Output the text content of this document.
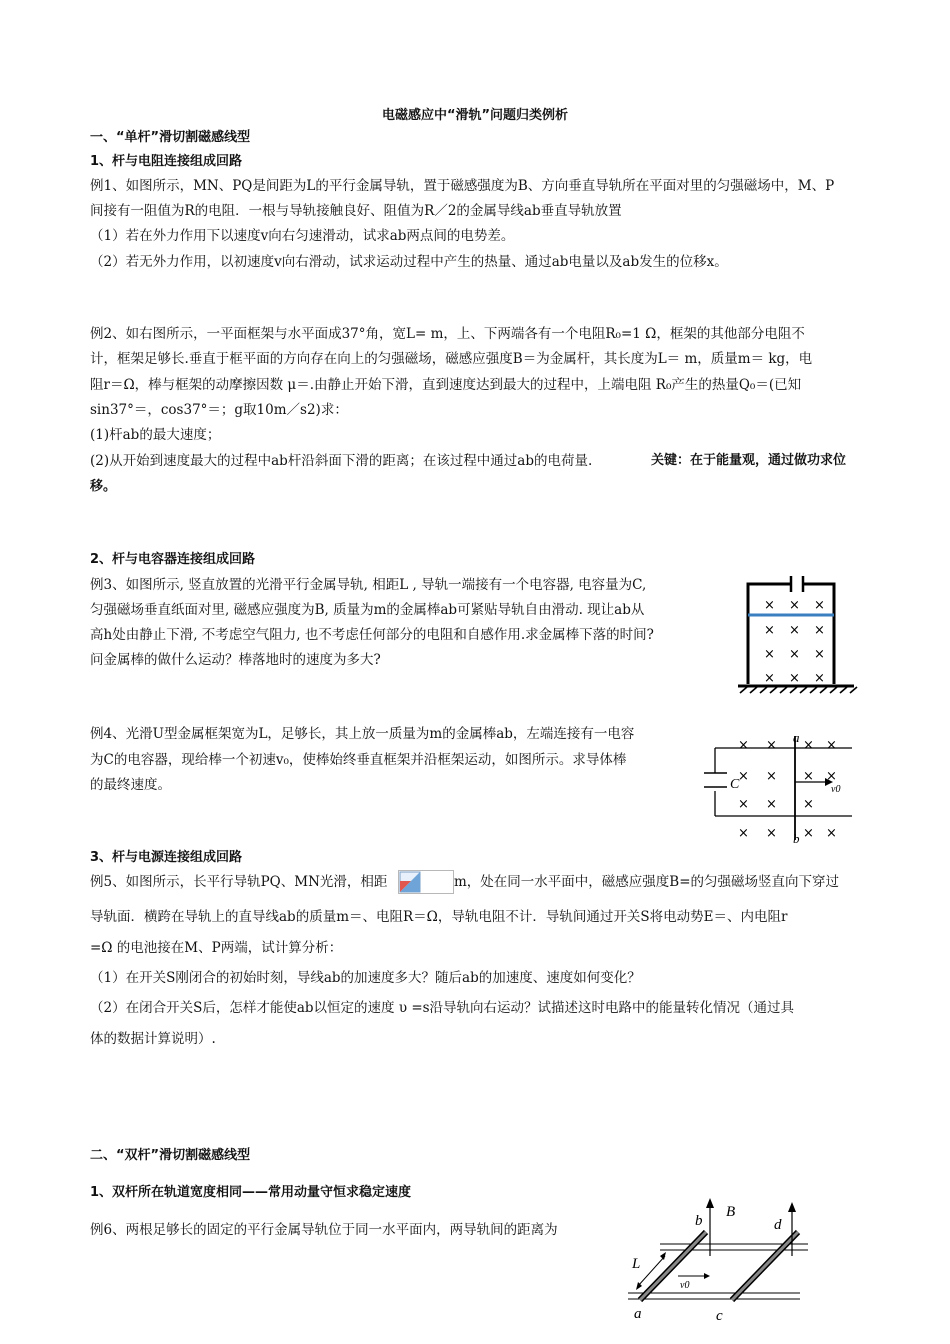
电磁感应中“滑轨”问题归类例析
一、“单杆”滑切割磁感线型
1、杆与电阻连接组成回路
例1、如图所示，MN、PQ是间距为L的平行金属导轨，置于磁感强度为B、方向垂直导轨所在平面对里的匀强磁场中，M、P
间接有一阻值为R的电阻．一根与导轨接触良好、阻值为R／2的金属导线ab垂直导轨放置
（1）若在外力作用下以速度v向右匀速滑动，试求ab两点间的电势差。
（2）若无外力作用，以初速度v向右滑动，试求运动过程中产生的热量、通过ab电量以及ab发生的位移x。
例2、如右图所示，一平面框架与水平面成37°角，宽L= m，上、下两端各有一个电阻R₀=1 Ω，框架的其他部分电阻不
计，框架足够长.垂直于框平面的方向存在向上的匀强磁场，磁感应强度B＝为金属杆，其长度为L＝ m，质量m＝ kg，电
阻r＝Ω，棒与框架的动摩擦因数 μ＝.由静止开始下滑，直到速度达到最大的过程中，上端电阻 R₀产生的热量Q₀＝(已知
sin37°＝，cos37°＝；g取10m／s2)求：
(1)杆ab的最大速度；
(2)从开始到速度最大的过程中ab杆沿斜面下滑的距离；在该过程中通过ab的电荷量.	关键：在于能量观，通过做功求位
移。
2、杆与电容器连接组成回路
例3、如图所示, 竖直放置的光滑平行金属导轨, 相距L , 导轨一端接有一个电容器, 电容量为C,
匀强磁场垂直纸面对里, 磁感应强度为B, 质量为m的金属棒ab可紧贴导轨自由滑动. 现让ab从
高h处由静止下滑, 不考虑空气阻力, 也不考虑任何部分的电阻和自感作用.求金属棒下落的时间?
问金属棒的做什么运动？棒落地时的速度为多大?
× × ×
× × ×
× × ×
× × ×
例4、光滑U型金属框架宽为L，足够长，其上放一质量为m的金属棒ab，左端连接有一电容
为C的电容器，现给棒一个初速v₀，使棒始终垂直框架并沿框架运动，如图所示。求导体棒
的最终速度。
× × × ×
× × × ×
× × ×
× × × ×
a
b
C	v0
3、杆与电源连接组成回路
例5、如图所示，长平行导轨PQ、MN光滑，相距	m，处在同一水平面中，磁感应强度B=的匀强磁场竖直向下穿过
导轨面．横跨在导轨上的直导线ab的质量m＝、电阻R＝Ω，导轨电阻不计．导轨间通过开关S将电动势E＝、内电阻r
=Ω 的电池接在M、P两端，试计算分析：
（1）在开关S刚闭合的初始时刻，导线ab的加速度多大？随后ab的加速度、速度如何变化？
（2）在闭合开关S后，怎样才能使ab以恒定的速度 υ =s沿导轨向右运动？试描述这时电路中的能量转化情况（通过具
体的数据计算说明）.
二、“双杆”滑切割磁感线型
1、双杆所在轨道宽度相同——常用动量守恒求稳定速度
例6、两根足够长的固定的平行金属导轨位于同一水平面内，两导轨间的距离为
b
B
d
L
v0
a	c
